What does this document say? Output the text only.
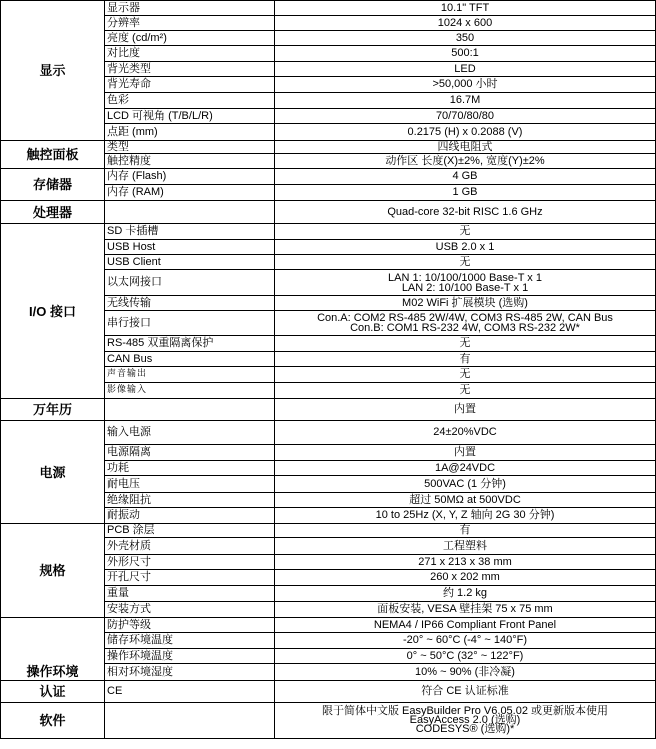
显示	显示器	10.1" TFT
	分辨率	1024 x 600
	亮度 (cd/m²)	350
	对比度	500:1
	背光类型	LED
	背光寿命	>50,000 小时
	色彩	16.7M
	LCD 可视角 (T/B/L/R)	70/70/80/80
	点距 (mm)	0.2175 (H) x 0.2088 (V)
触控面板	类型	四线电阻式
	触控精度	动作区 长度(X)±2%, 宽度(Y)±2%
存储器	内存 (Flash)	4 GB
	内存 (RAM)	1 GB
处理器		Quad-core 32-bit RISC 1.6 GHz
I/O 接口	SD 卡插槽	无
	USB Host	USB 2.0 x 1
	USB Client	无
	以太网接口	LAN 1: 10/100/1000 Base-T x 1
LAN 2: 10/100 Base-T x 1
	无线传输	M02 WiFi 扩展模块 (选购)
	串行接口	Con.A: COM2 RS-485 2W/4W, COM3 RS-485 2W, CAN Bus
Con.B: COM1 RS-232 4W, COM3 RS-232 2W*
	RS-485 双重隔离保护	无
	CAN Bus	有
	声音输出	无
	影像输入	无
万年历		内置
电源	输入电源	24±20%VDC
	电源隔离	内置
	功耗	1A@24VDC
	耐电压	500VAC (1 分钟)
	绝缘阻抗	超过 50MΩ at 500VDC
	耐振动	10 to 25Hz (X, Y, Z 轴向 2G 30 分钟)
规格	PCB 涂层	有
	外壳材质	工程塑料
	外形尺寸	271 x 213 x 38 mm
	开孔尺寸	260 x 202 mm
	重量	约 1.2 kg
	安装方式	面板安装, VESA 壁挂架 75 x 75 mm
操作环境	防护等级	NEMA4 / IP66 Compliant Front Panel
	储存环境温度	-20° ~ 60°C (-4° ~ 140°F)
	操作环境温度	0° ~ 50°C (32° ~ 122°F)
	相对环境湿度	10% ~ 90% (非冷凝)
认证	CE	符合 CE 认证标准
软件		限于简体中文版 EasyBuilder Pro V6.05.02 或更新版本使用
EasyAccess 2.0 (选购)
CODESYS® (选购)*
